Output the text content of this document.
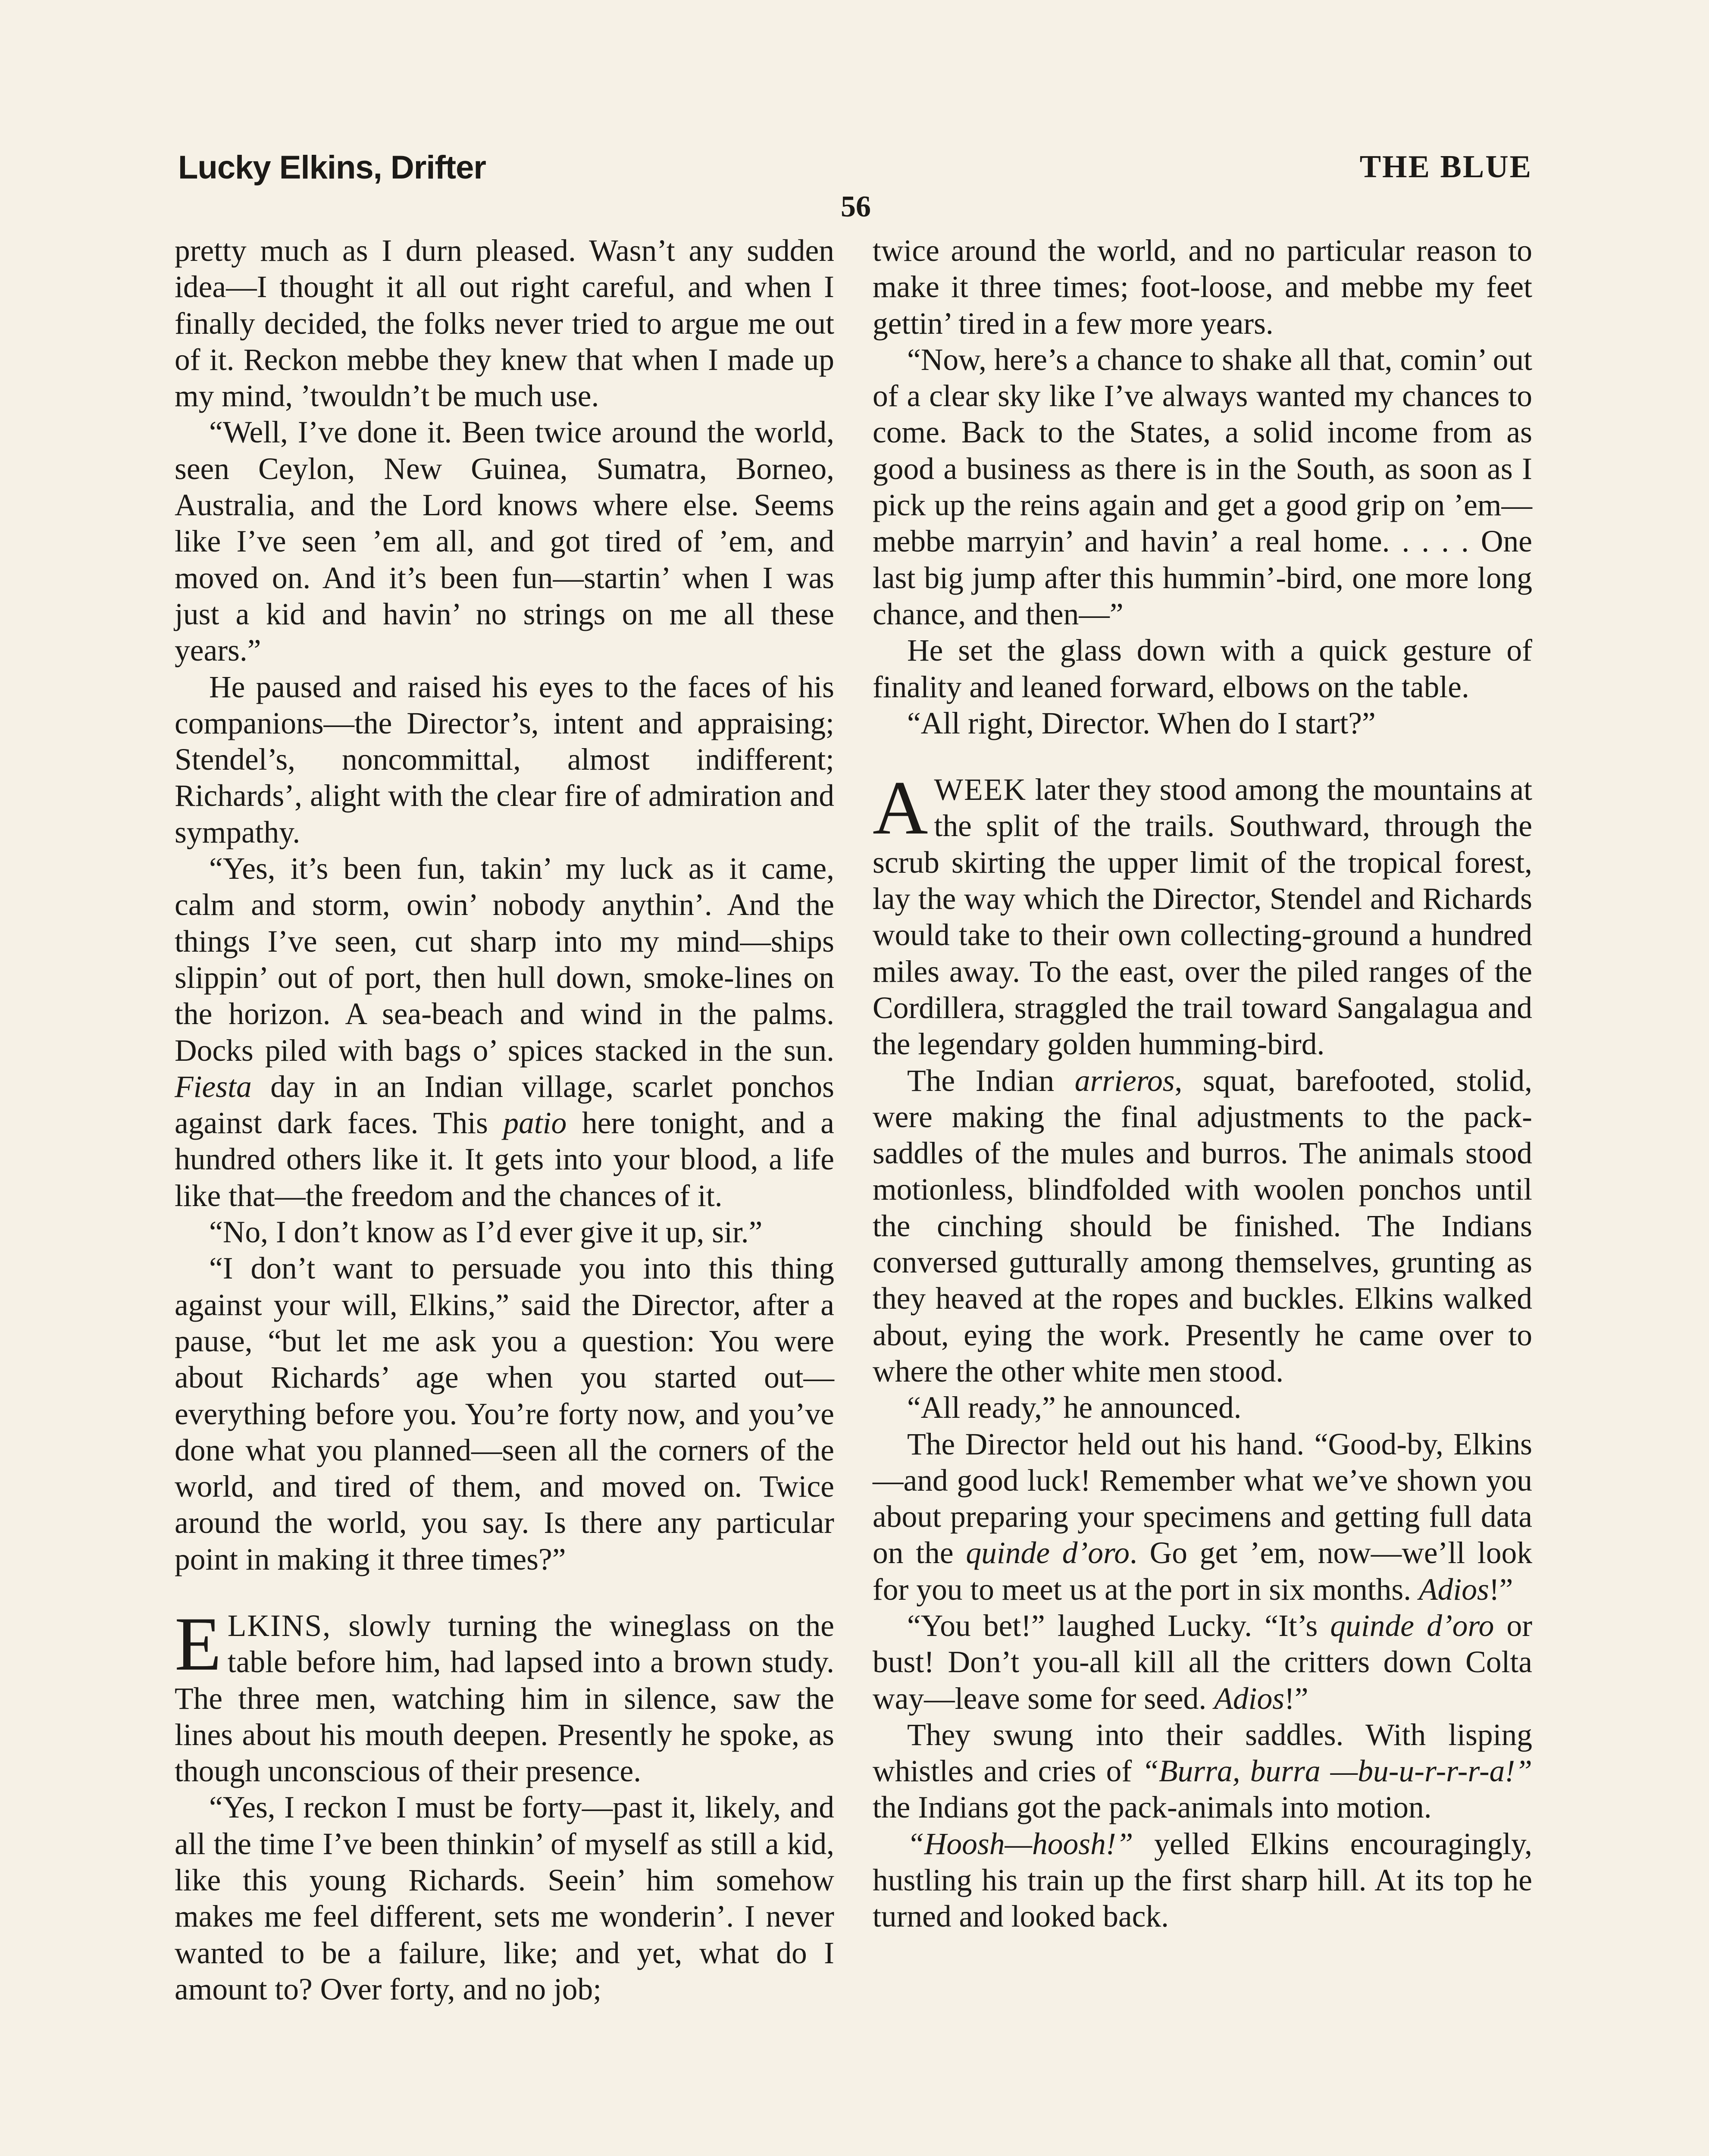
Lucky Elkins, Drifter	THE BLUE
56

pretty much as I durn pleased. Wasn’t any sudden idea—I thought it all out right careful, and when I finally decided, the folks never tried to argue me out of it. Reckon mebbe they knew that when I made up my mind, ’twouldn’t be much use.

“Well, I’ve done it. Been twice around the world, seen Ceylon, New Guinea, Sumatra, Borneo, Australia, and the Lord knows where else. Seems like I’ve seen ’em all, and got tired of ’em, and moved on. And it’s been fun—startin’ when I was just a kid and havin’ no strings on me all these years.”

He paused and raised his eyes to the faces of his companions—the Director’s, intent and appraising; Stendel’s, noncommittal, almost indifferent; Richards’, alight with the clear fire of admiration and sympathy.

“Yes, it’s been fun, takin’ my luck as it came, calm and storm, owin’ nobody anythin’. And the things I’ve seen, cut sharp into my mind—ships slippin’ out of port, then hull down, smoke-lines on the horizon. A sea-beach and wind in the palms. Docks piled with bags o’ spices stacked in the sun. Fiesta day in an Indian village, scarlet ponchos against dark faces. This patio here tonight, and a hundred others like it. It gets into your blood, a life like that—the freedom and the chances of it.

“No, I don’t know as I’d ever give it up, sir.”

“I don’t want to persuade you into this thing against your will, Elkins,” said the Director, after a pause, “but let me ask you a question: You were about Richards’ age when you started out—everything before you. You’re forty now, and you’ve done what you planned—seen all the corners of the world, and tired of them, and moved on. Twice around the world, you say. Is there any particular point in making it three times?”

ELKINS, slowly turning the wineglass on the table before him, had lapsed into a brown study. The three men, watching him in silence, saw the lines about his mouth deepen. Presently he spoke, as though unconscious of their presence.

“Yes, I reckon I must be forty—past it, likely, and all the time I’ve been thinkin’ of myself as still a kid, like this young Richards. Seein’ him somehow makes me feel different, sets me wonderin’. I never wanted to be a failure, like; and yet, what do I amount to? Over forty, and no job;

twice around the world, and no particular reason to make it three times; foot-loose, and mebbe my feet gettin’ tired in a few more years.

“Now, here’s a chance to shake all that, comin’ out of a clear sky like I’ve always wanted my chances to come. Back to the States, a solid income from as good a business as there is in the South, as soon as I pick up the reins again and get a good grip on ’em—mebbe marryin’ and havin’ a real home. . . . . One last big jump after this hummin’-bird, one more long chance, and then—”

He set the glass down with a quick gesture of finality and leaned forward, elbows on the table.

“All right, Director. When do I start?”

AWEEK later they stood among the mountains at the split of the trails. Southward, through the scrub skirting the upper limit of the tropical forest, lay the way which the Director, Stendel and Richards would take to their own collecting-ground a hundred miles away. To the east, over the piled ranges of the Cordillera, straggled the trail toward Sangalagua and the legendary golden humming-bird.

The Indian arrieros, squat, barefooted, stolid, were making the final adjustments to the pack-saddles of the mules and burros. The animals stood motionless, blindfolded with woolen ponchos until the cinching should be finished. The Indians conversed gutturally among themselves, grunting as they heaved at the ropes and buckles. Elkins walked about, eying the work. Presently he came over to where the other white men stood.

“All ready,” he announced.

The Director held out his hand. “Good-by, Elkins—and good luck! Remember what we’ve shown you about preparing your specimens and getting full data on the quinde d’oro. Go get ’em, now—we’ll look for you to meet us at the port in six months. Adios!”

“You bet!” laughed Lucky. “It’s quinde d’oro or bust! Don’t you-all kill all the critters down Colta way—leave some for seed. Adios!”

They swung into their saddles. With lisping whistles and cries of “Burra, burra —bu-u-r-r-r-a!” the Indians got the pack-animals into motion.

“Hoosh—hoosh!” yelled Elkins encouragingly, hustling his train up the first sharp hill. At its top he turned and looked back.
